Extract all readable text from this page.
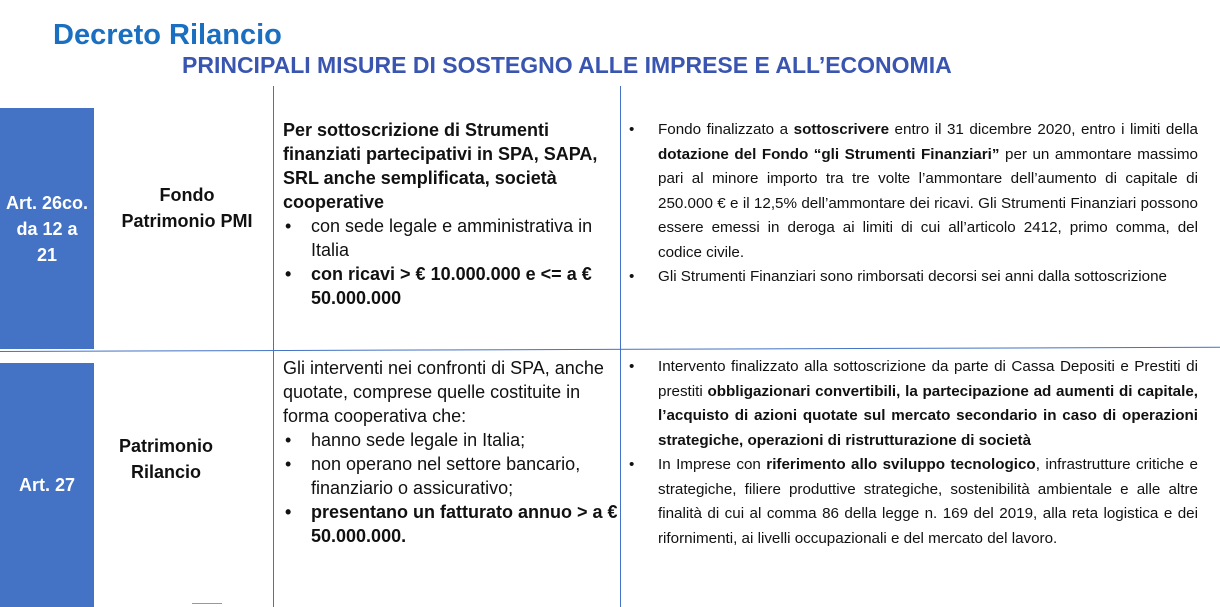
Decreto Rilancio
PRINCIPALI MISURE DI SOSTEGNO ALLE IMPRESE E ALL’ECONOMIA
Art. 26co. da 12 a 21
Fondo Patrimonio PMI
Per sottoscrizione di Strumenti finanziati partecipativi in SPA, SAPA, SRL anche semplificata, società cooperative
• con sede legale e amministrativa in Italia
• con ricavi > € 10.000.000 e <= a € 50.000.000
• Fondo finalizzato a sottoscrivere entro il 31 dicembre 2020, entro i limiti della dotazione del Fondo “gli Strumenti Finanziari” per un ammontare massimo pari al minore importo tra tre volte l’ammontare dell’aumento di capitale di 250.000 € e il 12,5% dell’ammontare dei ricavi. Gli Strumenti Finanziari possono essere emessi in deroga ai limiti di cui all’articolo 2412, primo comma, del codice civile.
• Gli Strumenti Finanziari sono rimborsati decorsi sei anni dalla sottoscrizione
Art. 27
Patrimonio Rilancio
Gli interventi nei confronti di SPA, anche quotate, comprese quelle costituite in forma cooperativa che:
• hanno sede legale in Italia;
• non operano nel settore bancario, finanziario o assicurativo;
• presentano un fatturato annuo > a € 50.000.000.
• Intervento finalizzato alla sottoscrizione da parte di Cassa Depositi e Prestiti di prestiti obbligazionari convertibili, la partecipazione ad aumenti di capitale, l’acquisto di azioni quotate sul mercato secondario in caso di operazioni strategiche, operazioni di ristrutturazione di società
• In Imprese con riferimento allo sviluppo tecnologico, infrastrutture critiche e strategiche, filiere produttive strategiche, sostenibilità ambientale e alle altre finalità di cui al comma 86 della legge n. 169 del 2019, alla reta logistica e dei rifornimenti, ai livelli occupazionali e del mercato del lavoro.
